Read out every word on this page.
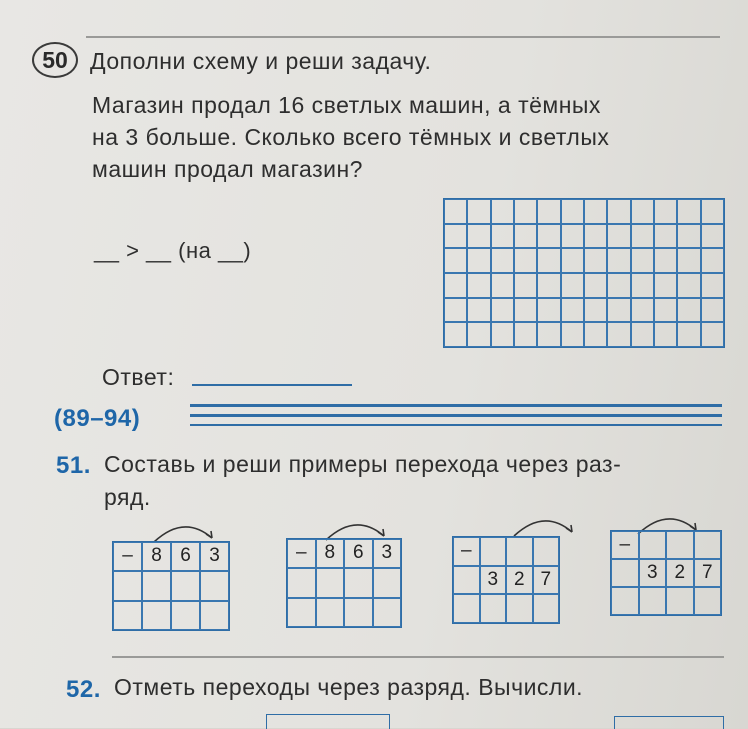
50 Дополни схему и реши задачу.
Магазин продал 16 светлых машин, а тёмных
на 3 больше. Сколько всего тёмных и светлых
машин продал магазин?
__ > __ (на __)
Ответ:
(89–94)
51. Составь и реши примеры перехода через раз-
ряд.
– 8 6 3	– 8 6 3	–
3 2 7
–
3 2 7
52. Отметь переходы через разряд. Вычисли.
